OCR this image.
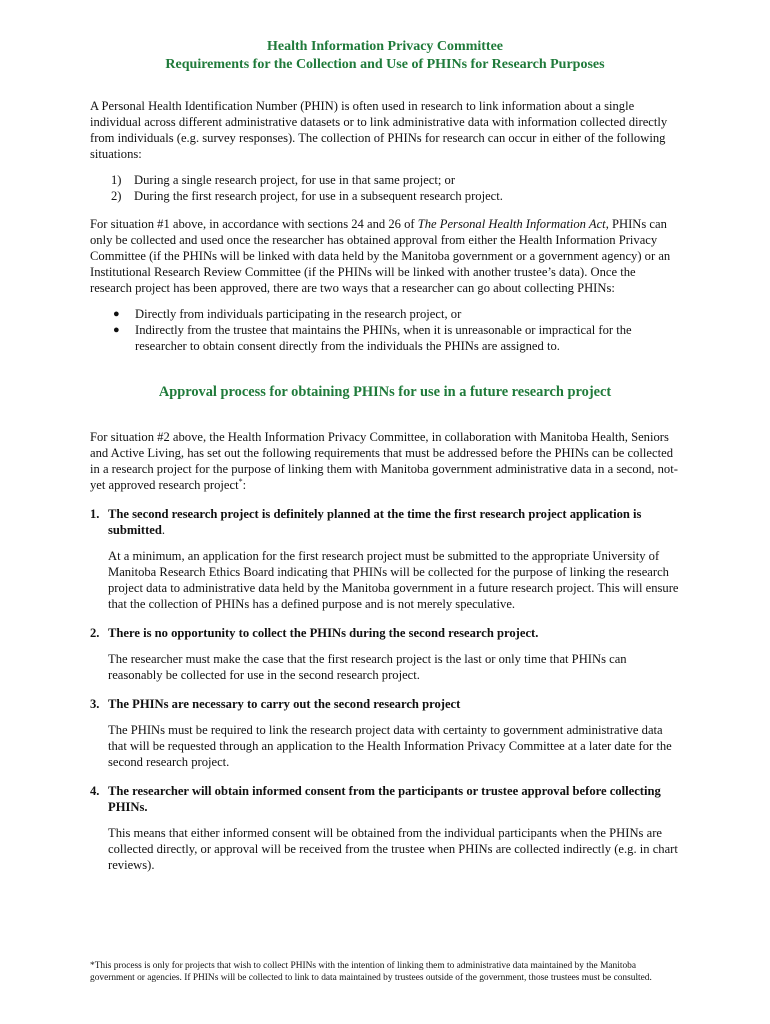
Health Information Privacy Committee
Requirements for the Collection and Use of PHINs for Research Purposes

A Personal Health Identification Number (PHIN) is often used in research to link information about a single individual across different administrative datasets or to link administrative data with information collected directly from individuals (e.g. survey responses). The collection of PHINs for research can occur in either of the following situations:

1) During a single research project, for use in that same project; or
2) During the first research project, for use in a subsequent research project.

For situation #1 above, in accordance with sections 24 and 26 of The Personal Health Information Act, PHINs can only be collected and used once the researcher has obtained approval from either the Health Information Privacy Committee (if the PHINs will be linked with data held by the Manitoba government or a government agency) or an Institutional Research Review Committee (if the PHINs will be linked with another trustee’s data). Once the research project has been approved, there are two ways that a researcher can go about collecting PHINs:

● Directly from individuals participating in the research project, or
● Indirectly from the trustee that maintains the PHINs, when it is unreasonable or impractical for the researcher to obtain consent directly from the individuals the PHINs are assigned to.
Approval process for obtaining PHINs for use in a future research project

For situation #2 above, the Health Information Privacy Committee, in collaboration with Manitoba Health, Seniors and Active Living, has set out the following requirements that must be addressed before the PHINs can be collected in a research project for the purpose of linking them with Manitoba government administrative data in a second, not-yet approved research project*:

1. The second research project is definitely planned at the time the first research project application is submitted.
At a minimum, an application for the first research project must be submitted to the appropriate University of Manitoba Research Ethics Board indicating that PHINs will be collected for the purpose of linking the research project data to administrative data held by the Manitoba government in a future research project. This will ensure that the collection of PHINs has a defined purpose and is not merely speculative.
2. There is no opportunity to collect the PHINs during the second research project.
The researcher must make the case that the first research project is the last or only time that PHINs can reasonably be collected for use in the second research project.
3. The PHINs are necessary to carry out the second research project
The PHINs must be required to link the research project data with certainty to government administrative data that will be requested through an application to the Health Information Privacy Committee at a later date for the second research project.
4. The researcher will obtain informed consent from the participants or trustee approval before collecting PHINs.
This means that either informed consent will be obtained from the individual participants when the PHINs are collected directly, or approval will be received from the trustee when PHINs are collected indirectly (e.g. in chart reviews).
*This process is only for projects that wish to collect PHINs with the intention of linking them to administrative data maintained by the Manitoba government or agencies. If PHINs will be collected to link to data maintained by trustees outside of the government, those trustees must be consulted.
